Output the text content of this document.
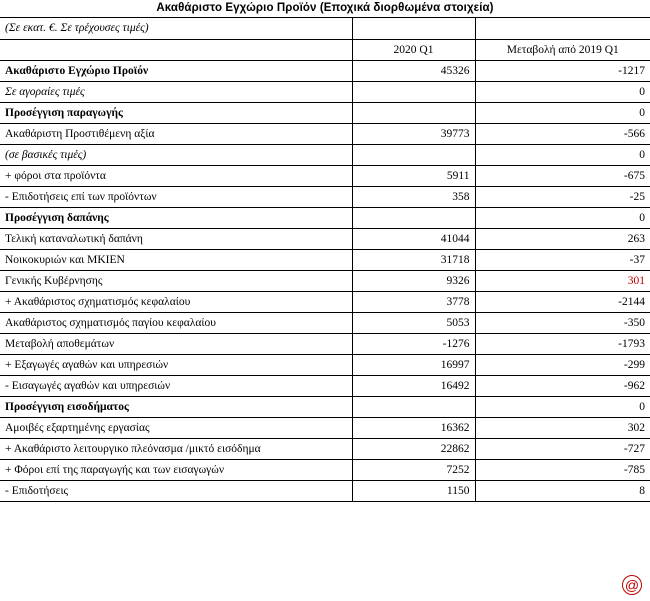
Ακαθάριστο Εγχώριο Προϊόν (Εποχικά διορθωμένα στοιχεία)
(Σε εκατ. €. Σε τρέχουσες τιμές)		
	2020 Q1	Μεταβολή από 2019 Q1
Ακαθάριστο Εγχώριο Προϊόν	45326	-1217
Σε αγοραίες τιμές		0
Προσέγγιση παραγωγής		0
Ακαθάριστη Προστιθέμενη αξία	39773	-566
(σε βασικές τιμές)		0
+ φόροι στα προϊόντα	5911	-675
- Επιδοτήσεις επί των προϊόντων	358	-25
Προσέγγιση δαπάνης		0
Τελική καταναλωτική δαπάνη	41044	263
Νοικοκυριών και ΜΚΙΕΝ	31718	-37
Γενικής Κυβέρνησης	9326	301
+ Ακαθάριστος σχηματισμός κεφαλαίου	3778	-2144
Ακαθάριστος σχηματισμός παγίου κεφαλαίου	5053	-350
Μεταβολή αποθεμάτων	-1276	-1793
+ Εξαγωγές αγαθών και υπηρεσιών	16997	-299
- Εισαγωγές αγαθών και υπηρεσιών	16492	-962
Προσέγγιση εισοδήματος		0
Αμοιβές εξαρτημένης εργασίας	16362	302
+ Ακαθάριστο λειτουργικο πλεόνασμα /μικτό εισόδημα	22862	-727
+ Φόροι επί της παραγωγής και των εισαγωγών	7252	-785
- Επιδοτήσεις	1150	8
@
